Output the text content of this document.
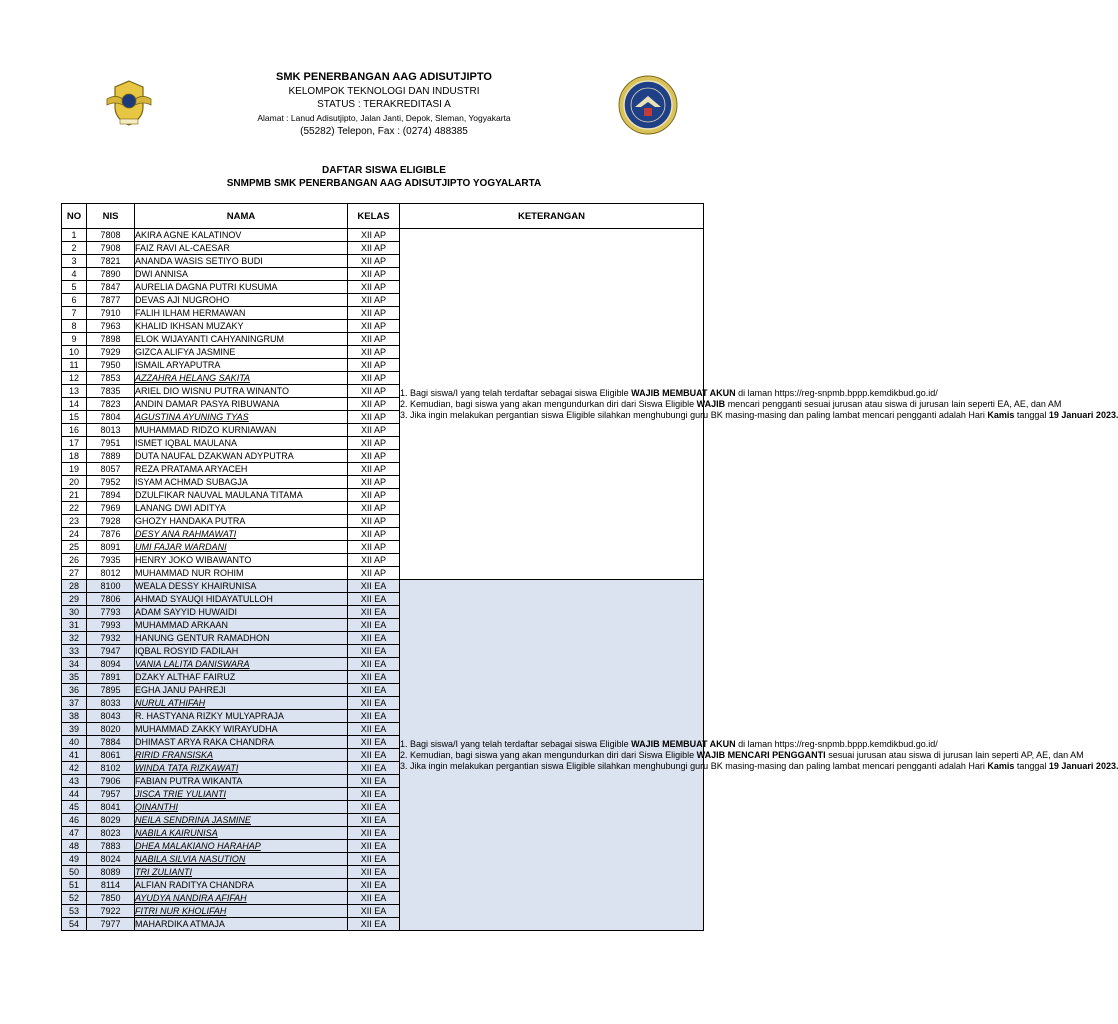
SMK PENERBANGAN AAG ADISUTJIPTO
KELOMPOK TEKNOLOGI DAN INDUSTRI
STATUS : TERAKREDITASI A
Alamat : Lanud Adisutjipto, Jalan Janti, Depok, Sleman, Yogyakarta
(55282) Telepon, Fax : (0274) 488385
DAFTAR SISWA ELIGIBLE
SNMPMB SMK PENERBANGAN AAG ADISUTJIPTO YOGYALARTA
NO	NIS	NAMA	KELAS	KETERANGAN
1	7808	AKIRA AGNE KALATINOV	XII AP	1. Bagi siswa/I yang telah terdaftar sebagai siswa Eligible WAJIB MEMBUAT AKUN di laman https://reg-snpmb.bppp.kemdikbud.go.id/
2. Kemudian, bagi siswa yang akan mengundurkan diri dari Siswa Eligible WAJIB mencari pengganti sesuai jurusan atau siswa di jurusan lain seperti EA, AE, dan AM
3. Jika ingin melakukan pergantian siswa Eligible silahkan menghubungi guru BK masing-masing dan paling lambat mencari pengganti adalah Hari Kamis tanggal 19 Januari 2023.
2	7908	FAIZ RAVI AL-CAESAR	XII AP	
3	7821	ANANDA WASIS SETIYO BUDI	XII AP	
4	7890	DWI ANNISA	XII AP	
5	7847	AURELIA DAGNA PUTRI KUSUMA	XII AP	
6	7877	DEVAS AJI NUGROHO	XII AP	
7	7910	FALIH ILHAM HERMAWAN	XII AP	
8	7963	KHALID IKHSAN MUZAKY	XII AP	
9	7898	ELOK WIJAYANTI CAHYANINGRUM	XII AP	
10	7929	GIZCA ALIFYA JASMINE	XII AP	
11	7950	ISMAIL ARYAPUTRA	XII AP	
12	7853	AZZAHRA HELANG SAKITA	XII AP	
13	7835	ARIEL DIO WISNU PUTRA WINANTO	XII AP	
14	7823	ANDIN DAMAR PASYA RIBUWANA	XII AP	
15	7804	AGUSTINA AYUNING TYAS	XII AP	
16	8013	MUHAMMAD RIDZO KURNIAWAN	XII AP	
17	7951	ISMET IQBAL MAULANA	XII AP	
18	7889	DUTA NAUFAL DZAKWAN ADYPUTRA	XII AP	
19	8057	REZA PRATAMA ARYACEH	XII AP	
20	7952	ISYAM ACHMAD SUBAGJA	XII AP	
21	7894	DZULFIKAR NAUVAL MAULANA TITAMA	XII AP	
22	7969	LANANG DWI ADITYA	XII AP	
23	7928	GHOZY HANDAKA PUTRA	XII AP	
24	7876	DESY ANA RAHMAWATI	XII AP	
25	8091	UMI FAJAR WARDANI	XII AP	
26	7935	HENRY JOKO WIBAWANTO	XII AP	
27	8012	MUHAMMAD NUR ROHIM	XII AP	
28	8100	WEALA DESSY KHAIRUNISA	XII EA	1. Bagi siswa/I yang telah terdaftar sebagai siswa Eligible WAJIB MEMBUAT AKUN di laman https://reg-snpmb.bppp.kemdikbud.go.id/
2. Kemudian, bagi siswa yang akan mengundurkan diri dari Siswa Eligible WAJIB MENCARI PENGGANTI sesuai jurusan atau siswa di jurusan lain seperti AP, AE, dan AM
3. Jika ingin melakukan pergantian siswa Eligible silahkan menghubungi guru BK masing-masing dan paling lambat mencari pengganti adalah Hari Kamis tanggal 19 Januari 2023.
29	7806	AHMAD SYAUQI HIDAYATULLOH	XII EA	
30	7793	ADAM SAYYID HUWAIDI	XII EA	
31	7993	MUHAMMAD ARKAAN	XII EA	
32	7932	HANUNG GENTUR RAMADHON	XII EA	
33	7947	IQBAL ROSYID FADILAH	XII EA	
34	8094	VANIA LALITA DANISWARA	XII EA	
35	7891	DZAKY ALTHAF FAIRUZ	XII EA	
36	7895	EGHA JANU PAHREJI	XII EA	
37	8033	NURUL ATHIFAH	XII EA	
38	8043	R. HASTYANA RIZKY MULYAPRAJA	XII EA	
39	8020	MUHAMMAD ZAKKY WIRAYUDHA	XII EA	
40	7884	DHIMAST ARYA RAKA CHANDRA	XII EA	
41	8061	RIRID FRANSISKA	XII EA	
42	8102	WINDA TATA RIZKAWATI	XII EA	
43	7906	FABIAN PUTRA WIKANTA	XII EA	
44	7957	JISCA TRIE YULIANTI	XII EA	
45	8041	QINANTHI	XII EA	
46	8029	NEILA SENDRINA JASMINE	XII EA	
47	8023	NABILA KAIRUNISA	XII EA	
48	7883	DHEA MALAKIANO HARAHAP	XII EA	
49	8024	NABILA SILVIA NASUTION	XII EA	
50	8089	TRI ZULIANTI	XII EA	
51	8114	ALFIAN RADITYA CHANDRA	XII EA	
52	7850	AYUDYA NANDIRA AFIFAH	XII EA	
53	7922	FITRI NUR KHOLIFAH	XII EA	
54	7977	MAHARDIKA ATMAJA	XII EA	
